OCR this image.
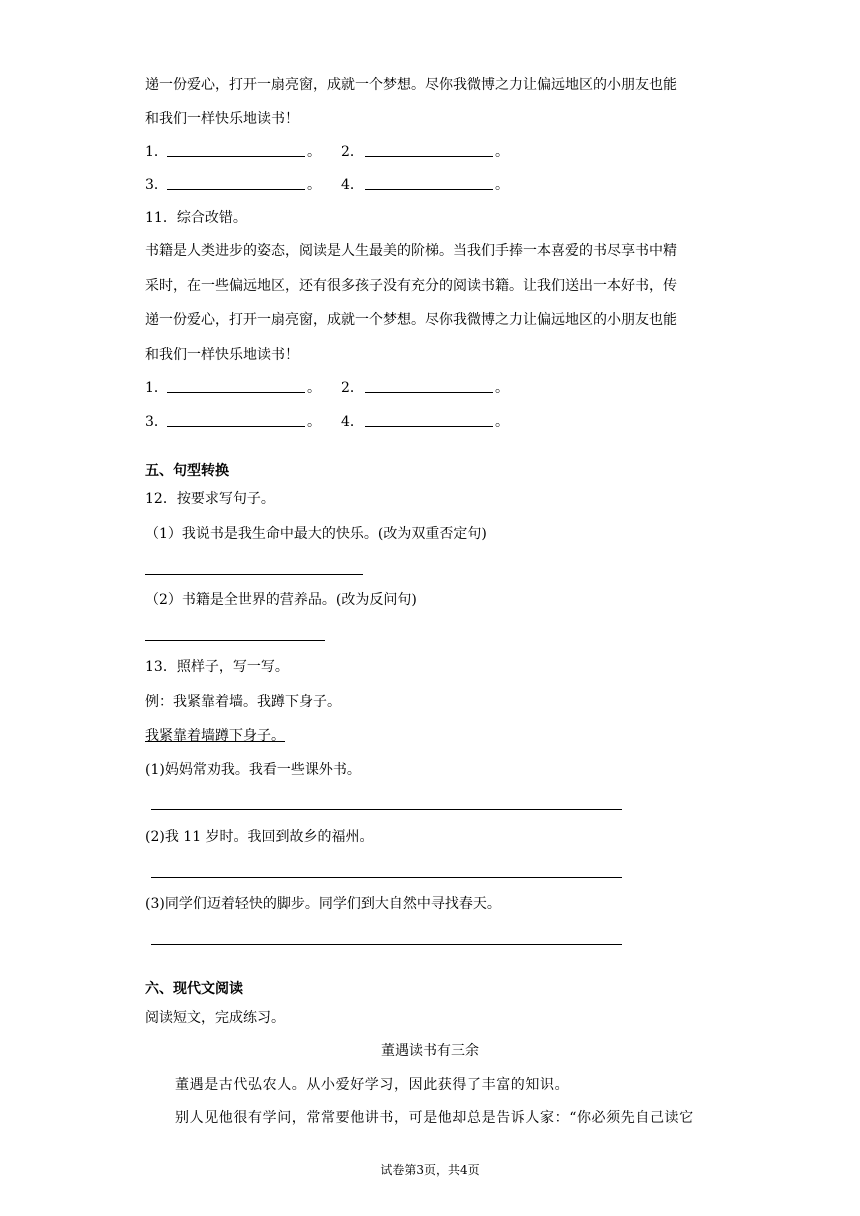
递一份爱心，打开一扇亮窗，成就一个梦想。尽你我微博之力让偏远地区的小朋友也能
和我们一样快乐地读书！
1．	。 2．	。
3．	。 4．	。
11．综合改错。
书籍是人类进步的姿态，阅读是人生最美的阶梯。当我们手捧一本喜爱的书尽享书中精
采时，在一些偏远地区，还有很多孩子没有充分的阅读书籍。让我们送出一本好书，传
递一份爱心，打开一扇亮窗，成就一个梦想。尽你我微博之力让偏远地区的小朋友也能
和我们一样快乐地读书！
1．	。 2．	。
3．	。 4．	。
五、句型转换
12．按要求写句子。
（1）我说书是我生命中最大的快乐。(改为双重否定句)
（2）书籍是全世界的营养品。(改为反问句)
13．照样子，写一写。
例：我紧靠着墙。我蹲下身子。
我紧靠着墙蹲下身子。
(1)妈妈常劝我。我看一些课外书。
(2)我 11 岁时。我回到故乡的福州。
(3)同学们迈着轻快的脚步。同学们到大自然中寻找春天。
六、现代文阅读
阅读短文，完成练习。
董遇读书有三余
董遇是古代弘农人。从小爱好学习，因此获得了丰富的知识。
别人见他很有学问，常常要他讲书，可是他却总是告诉人家：“你必须先自己读它
试卷第3页，共4页
